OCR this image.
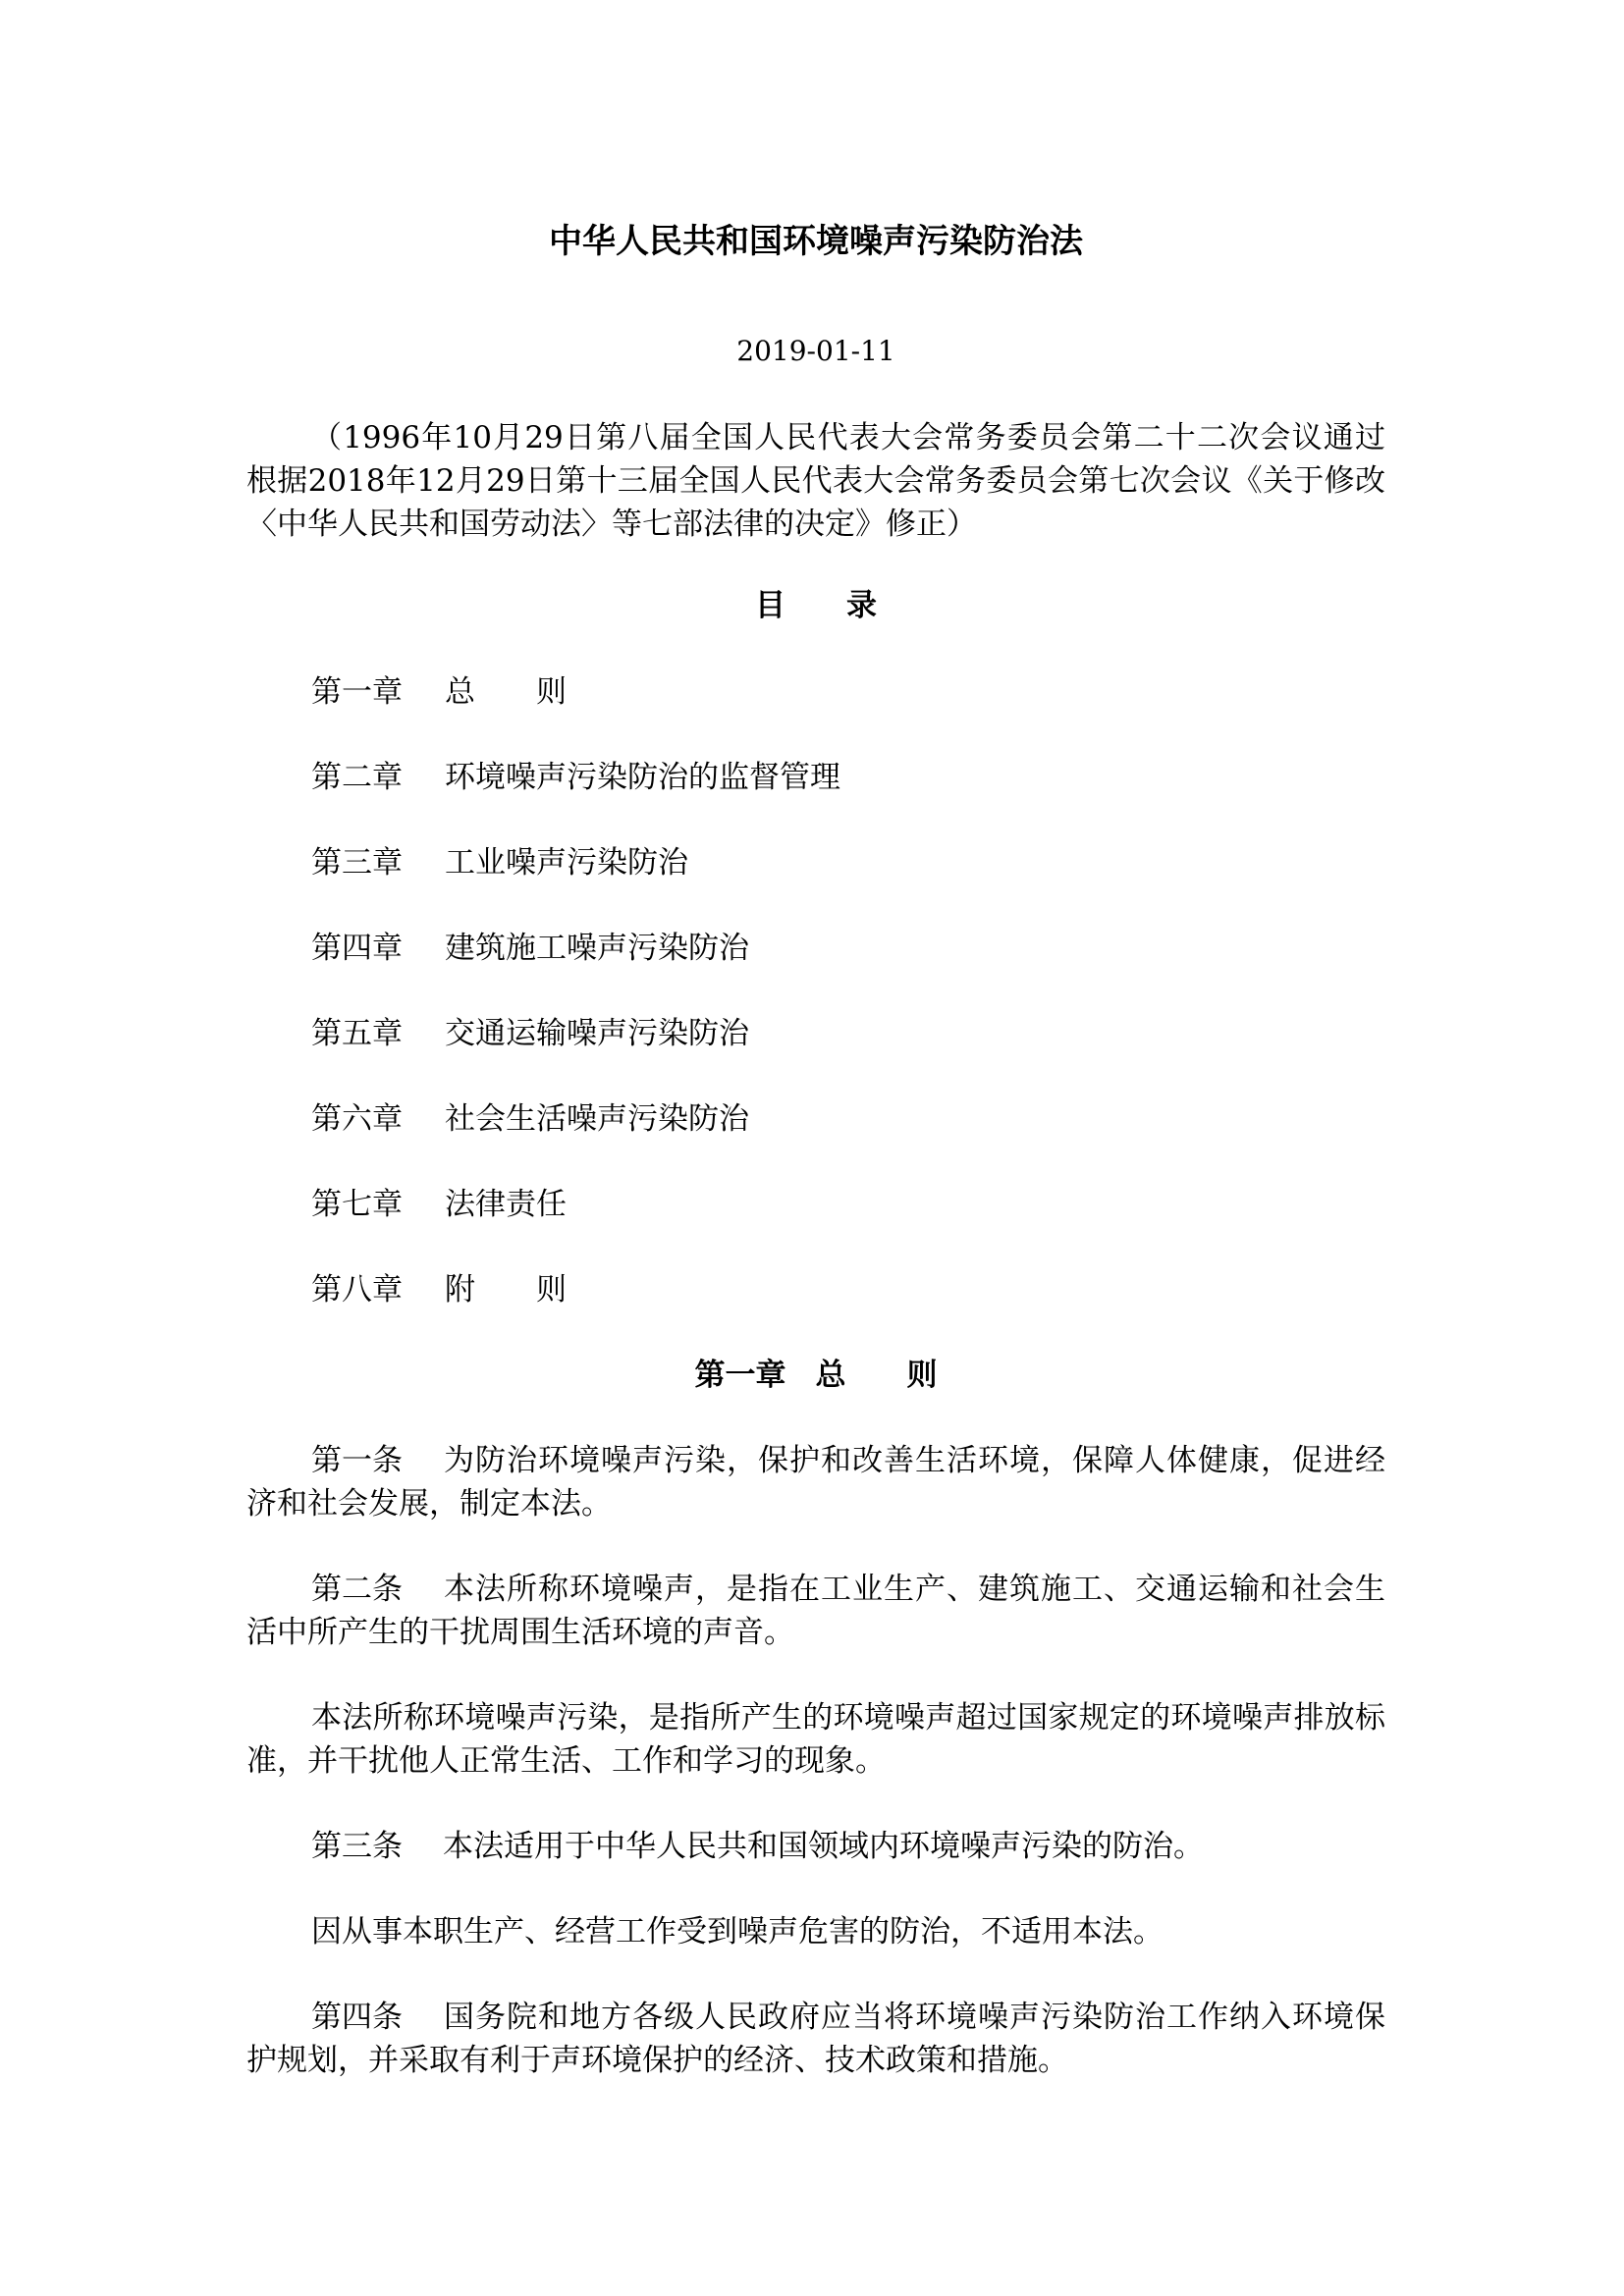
中华人民共和国环境噪声污染防治法
2019-01-11

（1996年10月29日第八届全国人民代表大会常务委员会第二十二次会议通过　根据2018年12月29日第十三届全国人民代表大会常务委员会第七次会议《关于修改〈中华人民共和国劳动法〉等七部法律的决定》修正）

目　　录
第一章 总　　则
第二章 环境噪声污染防治的监督管理
第三章 工业噪声污染防治
第四章 建筑施工噪声污染防治
第五章 交通运输噪声污染防治
第六章 社会生活噪声污染防治
第七章 法律责任
第八章 附　　则
第一章 总　　则

第一条 为防治环境噪声污染，保护和改善生活环境，保障人体健康，促进经济和社会发展，制定本法。

第二条 本法所称环境噪声，是指在工业生产、建筑施工、交通运输和社会生活中所产生的干扰周围生活环境的声音。

本法所称环境噪声污染，是指所产生的环境噪声超过国家规定的环境噪声排放标准，并干扰他人正常生活、工作和学习的现象。

第三条 本法适用于中华人民共和国领域内环境噪声污染的防治。

因从事本职生产、经营工作受到噪声危害的防治，不适用本法。

第四条 国务院和地方各级人民政府应当将环境噪声污染防治工作纳入环境保护规划，并采取有利于声环境保护的经济、技术政策和措施。
